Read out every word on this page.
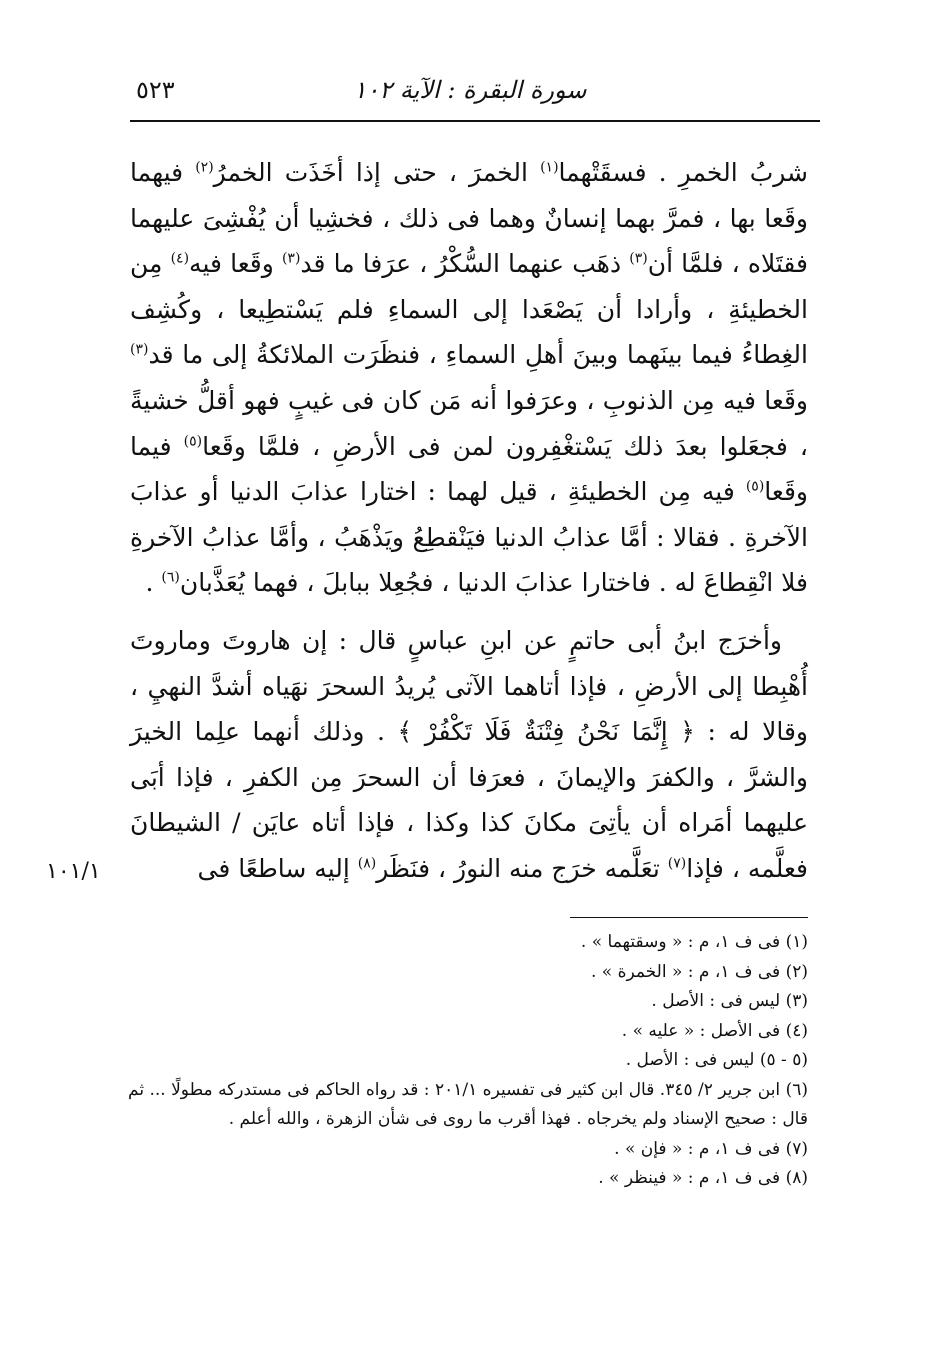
سورة البقرة : الآية ١٠٢
٥٢٣

شربُ الخمرِ . فسقَتْهما$^{(١)}$ الخمرَ ، حتى إذا أخَذَت الخمرُ$^{(٢)}$ فيهما وقَعا بها ، فمرَّ بهما إنسانٌ وهما فى ذلك ، فخشِيا أن يُفْشِىَ عليهما فقتَلاه ، فلمَّا أن$^{(٣)}$ ذهَب عنهما السُّكْرُ ، عرَفا ما قد$^{(٣)}$ وقَعا فيه$^{(٤)}$ مِن الخطيئةِ ، وأرادا أن يَصْعَدا إلى السماءِ فلم يَسْتطِيعا ، وكُشِف الغِطاءُ فيما بينَهما وبينَ أهلِ السماءِ ، فنظَرَت الملائكةُ إلى ما قد$^{(٣)}$ وقَعا فيه مِن الذنوبِ ، وعرَفوا أنه مَن كان فى غيبٍ فهو أقلُّ خشيةً ، فجعَلوا بعدَ ذلك يَسْتغْفِرون لمن فى الأرضِ ، فلمَّا وقَعا$^{(٥)}$ فيما وقَعا$^{(٥)}$ فيه مِن الخطيئةِ ، قيل لهما : اختارا عذابَ الدنيا أو عذابَ الآخرةِ . فقالا : أمَّا عذابُ الدنيا فيَنْقطِعُ ويَذْهَبُ ، وأمَّا عذابُ الآخرةِ فلا انْقِطاعَ له . فاختارا عذابَ الدنيا ، فجُعِلا ببابلَ ، فهما يُعَذَّبان$^{(٦)}$ .

وأخرَج ابنُ أبى حاتمٍ عن ابنِ عباسٍ قال : إن هاروتَ وماروتَ أُهْبِطا إلى الأرضِ ، فإذا أتاهما الآتى يُريدُ السحرَ نهَياه أشدَّ النهيِ ، وقالا له : ﴿ إِنَّمَا نَحْنُ فِتْنَةٌ فَلَا تَكْفُرْ ﴾ . وذلك أنهما علِما الخيرَ والشرَّ ، والكفرَ والإيمانَ ، فعرَفا أن السحرَ مِن الكفرِ ، فإذا أبَى عليهما أمَراه أن يأتِىَ مكانَ كذا وكذا ، فإذا أتاه عايَن / الشيطانَ فعلَّمه ، فإذا$^{(٧)}$ تعَلَّمه خرَج منه النورُ ، فنَظَر$^{(٨)}$ إليه ساطعًا فى

١٠١/١

(١) فى ف ١، م : « وسقتهما » .

(٢) فى ف ١، م : « الخمرة » .

(٣) ليس فى : الأصل .

(٤) فى الأصل : « عليه » .

(٥ - ٥) ليس فى : الأصل .

(٦) ابن جرير ٢/ ٣٤٥. قال ابن كثير فى تفسيره ٢٠١/١ : قد رواه الحاكم فى مستدركه مطولًا ... ثم قال : صحيح الإسناد ولم يخرجاه . فهذا أقرب ما روى فى شأن الزهرة ، والله أعلم .

(٧) فى ف ١، م : « فإن » .

(٨) فى ف ١، م : « فينظر » .
